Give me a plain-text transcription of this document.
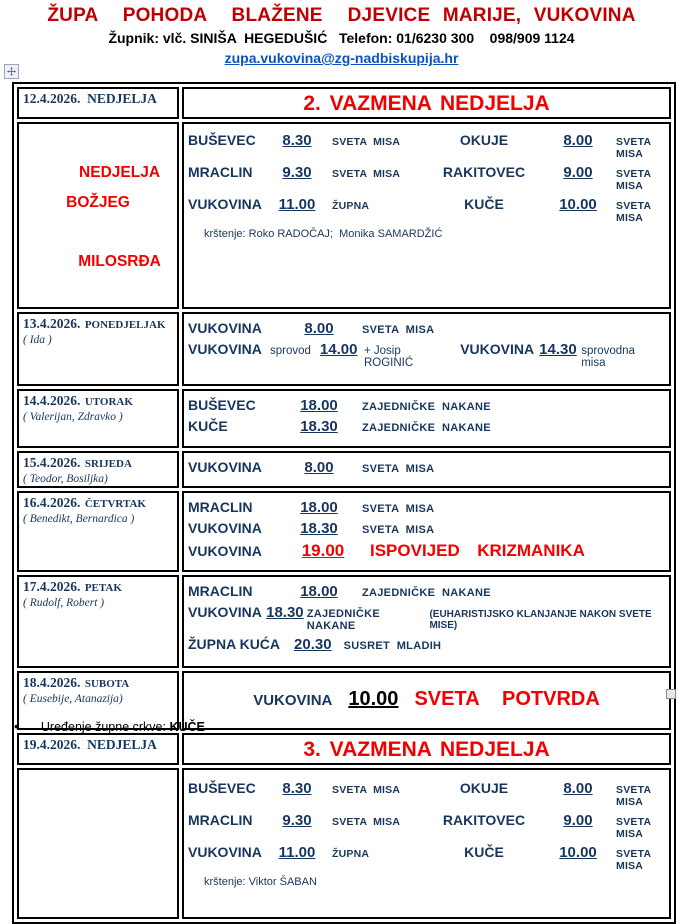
ŽUPA  POHODA  BLAŽENE  DJEVICE MARIJE, VUKOVINA
Župnik: vlč. SINIŠA  HEGEDUŠIĆ   Telefon: 01/6230 300    098/909 1124
zupa.vukovina@zg-nadbiskupija.hr
12.4.2026.  NEDJELJA	2. VAZMENA NEDJELJA

NEDJELJA  BOŽJEG

MILOSRĐA

BUŠEVEC	8.30	SVETA  MISA	OKUJE	8.00	SVETA  MISA
MRACLIN	9.30	SVETA  MISA	RAKITOVEC	9.00	SVETA  MISA
VUKOVINA	11.00	ŽUPNA	KUČE	10.00	SVETA  MISA
krštenje: Roko RADOČAJ;  Monika SAMARDŽIĆ

13.4.2026. PONEDJELJAK
( Ida )

VUKOVINA	8.00	SVETA  MISA
VUKOVINA sprovod 14.00 + Josip ROGINIĆ
VUKOVINA 14.30 sprovodna  misa

14.4.2026. UTORAK
( Valerijan, Zdravko )

BUŠEVEC	18.00	ZAJEDNIČKE  NAKANE
KUČE	18.30	ZAJEDNIČKE  NAKANE

15.4.2026. SRIJEDA
( Teodor, Bosiljka)	VUKOVINA 8.00 SVETA  MISA

16.4.2026. ČETVRTAK
( Benedikt, Bernardica )

MRACLIN	18.00	SVETA  MISA
VUKOVINA	18.30	SVETA  MISA
VUKOVINA	19.00	ISPOVIJED  KRIZMANIKA

17.4.2026. PETAK
( Rudolf, Robert )

MRACLIN	18.00	ZAJEDNIČKE  NAKANE
VUKOVINA 18.30 ZAJEDNIČKE  NAKANE
(EUHARISTIJSKO KLANJANJE NAKON SVETE  MISE)
ŽUPNA KUĆA 20.30 SUSRET  MLADIH

18.4.2026. SUBOTA
( Eusebije, Atanazija)	VUKOVINA 10.00 SVETA  POTVRDA

19.4.2026.  NEDJELJA	3. VAZMENA NEDJELJA

BUŠEVEC	8.30	SVETA  MISA	OKUJE	8.00	SVETA  MISA
MRACLIN	9.30	SVETA  MISA	RAKITOVEC	9.00	SVETA  MISA
VUKOVINA	11.00	ŽUPNA	KUČE	10.00	SVETA  MISA
krštenje: Viktor ŠABAN
• Uređenje župne crkve: KUČE
